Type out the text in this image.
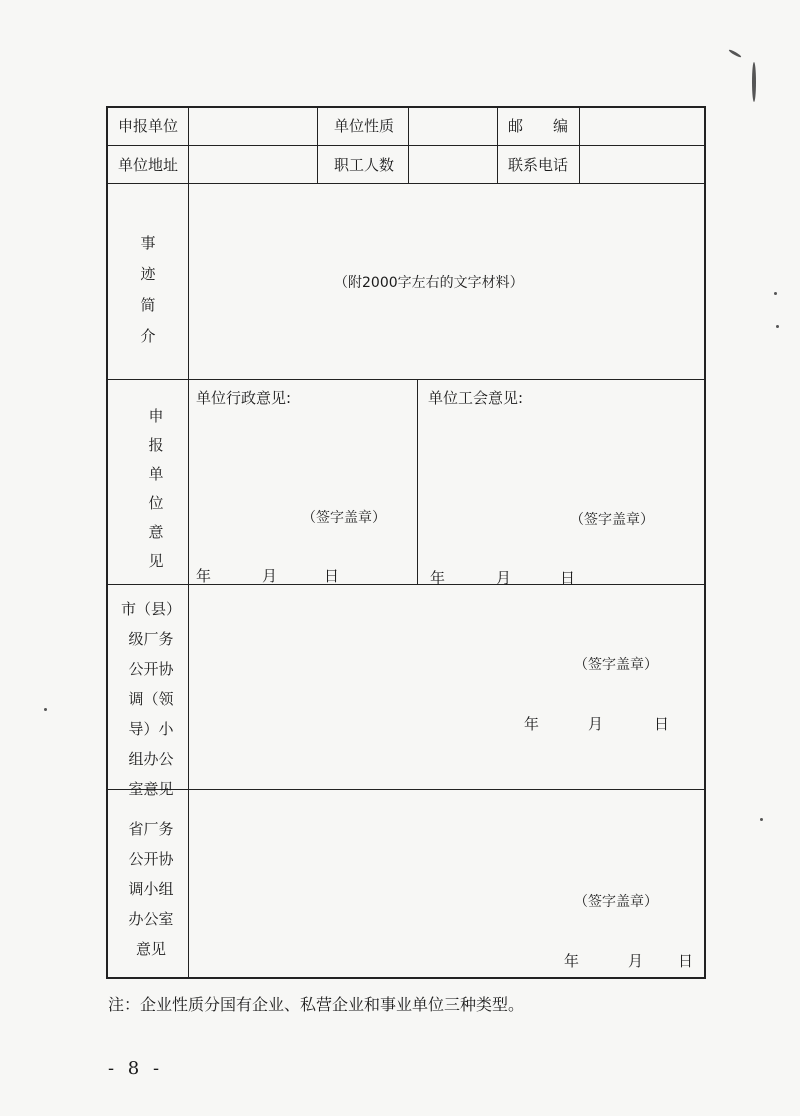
申报单位	单位性质	邮　　编
单位地址	职工人数	联系电话
事
迹
简
介
（附2000字左右的文字材料）
申
报
单
位
意
见
单位行政意见:
（签字盖章）
年	月	日
单位工会意见:
（签字盖章）
年	月	日
市（县）
级厂务
公开协
调（领
导）小
组办公
室意见
（签字盖章）
年	月	日
省厂务
公开协
调小组
办公室
意见
（签字盖章）
年	月 日
注：企业性质分国有企业、私营企业和事业单位三种类型。
- 8 -
